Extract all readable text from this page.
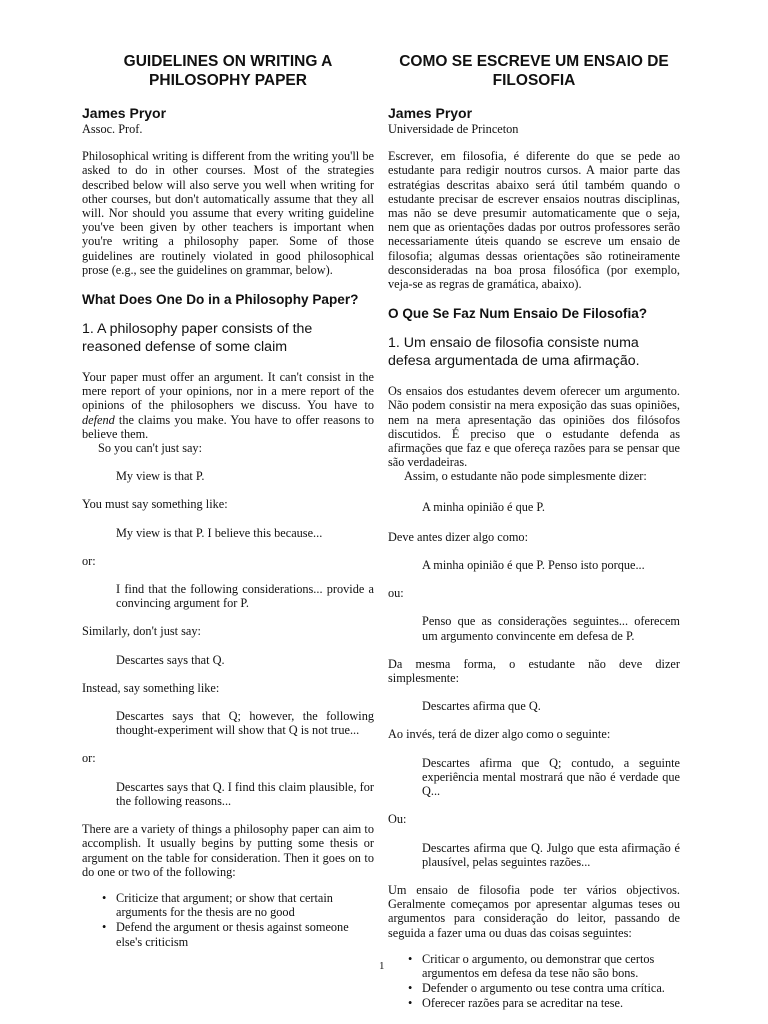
GUIDELINES ON WRITING A PHILOSOPHY PAPER
James Pryor
Assoc. Prof.

Philosophical writing is different from the writing you'll be asked to do in other courses. Most of the strategies described below will also serve you well when writing for other courses, but don't automatically assume that they all will. Nor should you assume that every writing guideline you've been given by other teachers is important when you're writing a philosophy paper. Some of those guidelines are routinely violated in good philosophical prose (e.g., see the guidelines on grammar, below).

What Does One Do in a Philosophy Paper?
1. A philosophy paper consists of the reasoned defense of some claim

Your paper must offer an argument. It can't consist in the mere report of your opinions, nor in a mere report of the opinions of the philosophers we discuss. You have to defend the claims you make. You have to offer reasons to believe them.

So you can't just say:

My view is that P.

You must say something like:

My view is that P. I believe this because...

or:

I find that the following considerations... provide a convincing argument for P.

Similarly, don't just say:

Descartes says that Q.

Instead, say something like:

Descartes says that Q; however, the following thought-experiment will show that Q is not true...

or:

Descartes says that Q. I find this claim plausible, for the following reasons...

There are a variety of things a philosophy paper can aim to accomplish. It usually begins by putting some thesis or argument on the table for consideration. Then it goes on to do one or two of the following:

• Criticize that argument; or show that certain arguments for the thesis are no good
• Defend the argument or thesis against someone else's criticism
COMO SE ESCREVE UM ENSAIO DE FILOSOFIA
James Pryor
Universidade de Princeton

Escrever, em filosofia, é diferente do que se pede ao estudante para redigir noutros cursos. A maior parte das estratégias descritas abaixo será útil também quando o estudante precisar de escrever ensaios noutras disciplinas, mas não se deve presumir automaticamente que o seja, nem que as orientações dadas por outros professores serão necessariamente úteis quando se escreve um ensaio de filosofia; algumas dessas orientações são rotineiramente desconsideradas na boa prosa filosófica (por exemplo, veja-se as regras de gramática, abaixo).

O Que Se Faz Num Ensaio De Filosofia?
1. Um ensaio de filosofia consiste numa defesa argumentada de uma afirmação.

Os ensaios dos estudantes devem oferecer um argumento. Não podem consistir na mera exposição das suas opiniões, nem na mera apresentação das opiniões dos filósofos discutidos. É preciso que o estudante defenda as afirmações que faz e que ofereça razões para se pensar que são verdadeiras.

Assim, o estudante não pode simplesmente dizer:

A minha opinião é que P.

Deve antes dizer algo como:

A minha opinião é que P. Penso isto porque...

ou:

Penso que as considerações seguintes... oferecem um argumento convincente em defesa de P.

Da mesma forma, o estudante não deve dizer simplesmente:

Descartes afirma que Q.

Ao invés, terá de dizer algo como o seguinte:

Descartes afirma que Q; contudo, a seguinte experiência mental mostrará que não é verdade que Q...

Ou:

Descartes afirma que Q. Julgo que esta afirmação é plausível, pelas seguintes razões...

Um ensaio de filosofia pode ter vários objectivos. Geralmente começamos por apresentar algumas teses ou argumentos para consideração do leitor, passando de seguida a fazer uma ou duas das coisas seguintes:

• Criticar o argumento, ou demonstrar que certos argumentos em defesa da tese não são bons.
• Defender o argumento ou tese contra uma crítica.
• Oferecer razões para se acreditar na tese.
1
